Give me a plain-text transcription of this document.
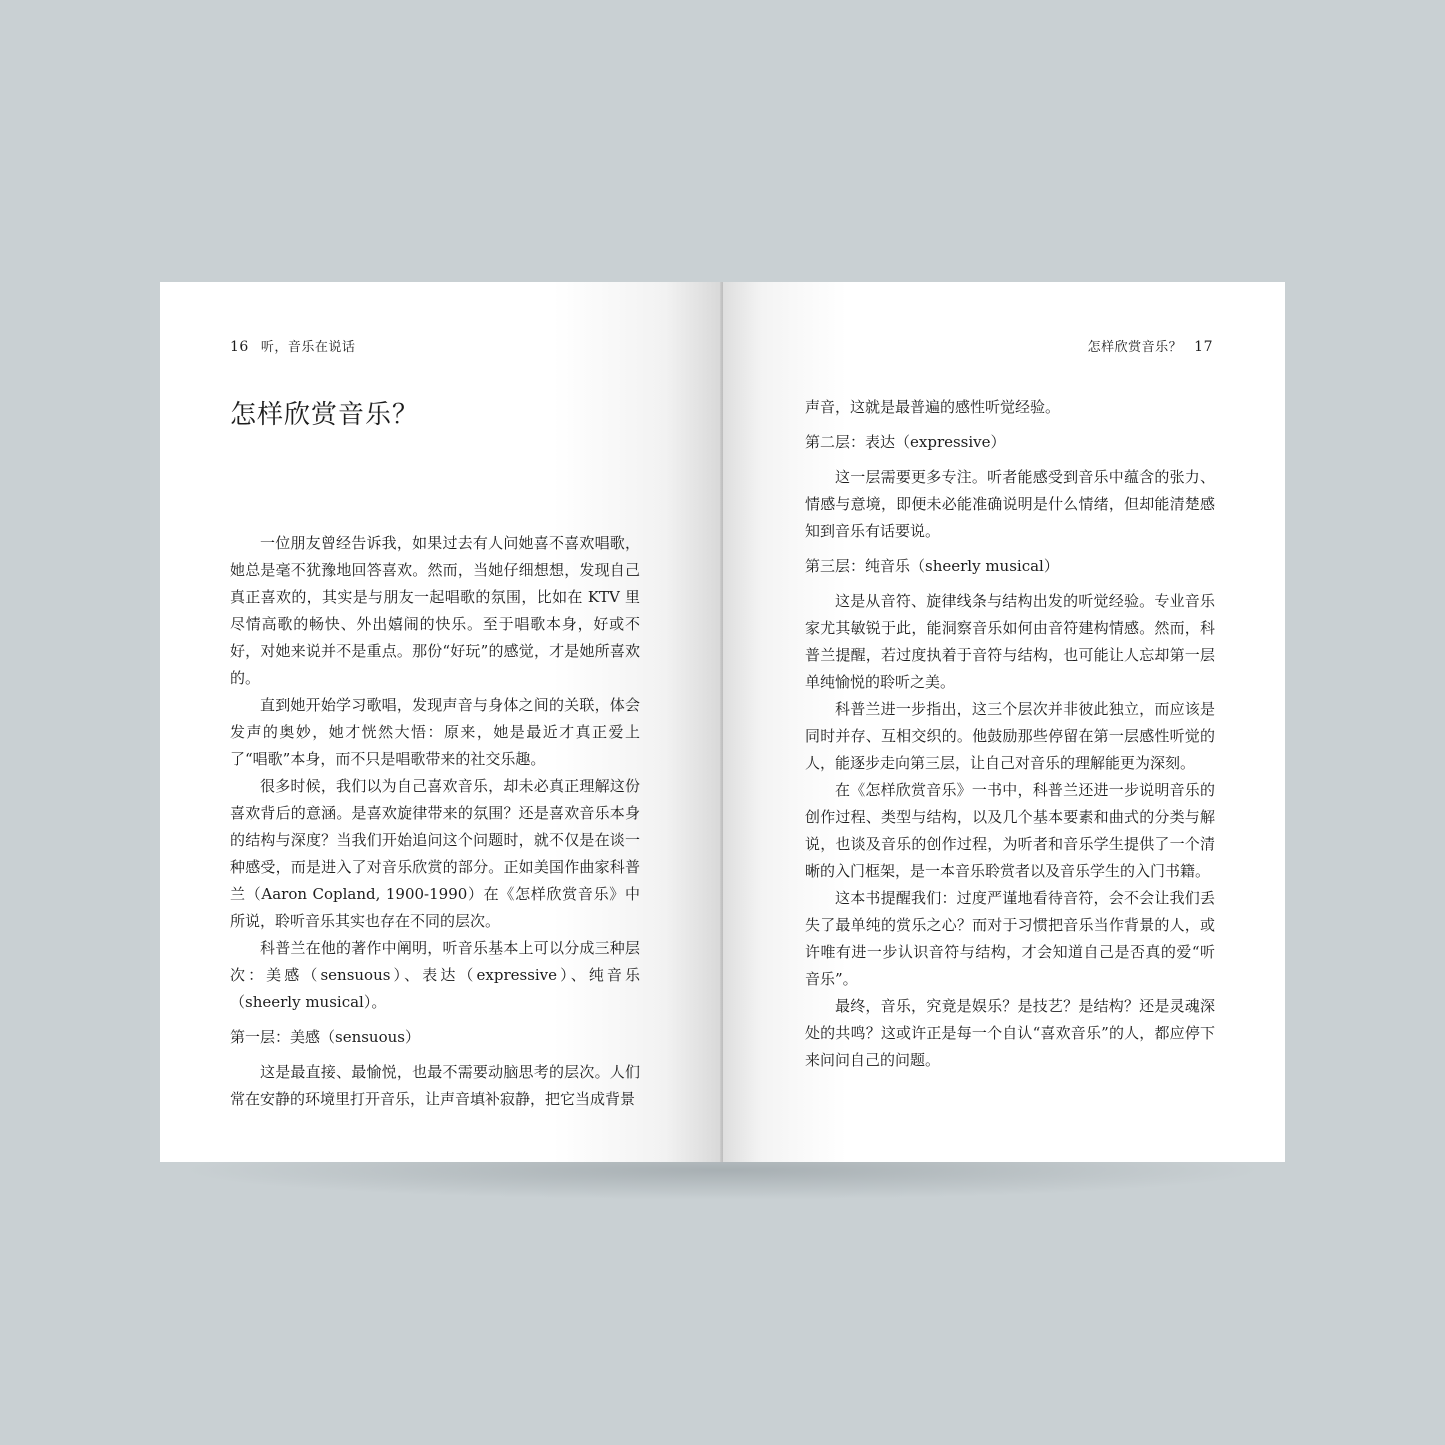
16 听，音乐在说话
怎样欣赏音乐？

一位朋友曾经告诉我，如果过去有人问她喜不喜欢唱歌，她总是毫不犹豫地回答喜欢。然而，当她仔细想想，发现自己真正喜欢的，其实是与朋友一起唱歌的氛围，比如在 KTV 里尽情高歌的畅快、外出嬉闹的快乐。至于唱歌本身，好或不好，对她来说并不是重点。那份“好玩”的感觉，才是她所喜欢的。

直到她开始学习歌唱，发现声音与身体之间的关联，体会发声的奥妙，她才恍然大悟：原来，她是最近才真正爱上了“唱歌”本身，而不只是唱歌带来的社交乐趣。

很多时候，我们以为自己喜欢音乐，却未必真正理解这份喜欢背后的意涵。是喜欢旋律带来的氛围？还是喜欢音乐本身的结构与深度？当我们开始追问这个问题时，就不仅是在谈一种感受，而是进入了对音乐欣赏的部分。正如美国作曲家科普兰（Aaron Copland, 1900-1990）在《怎样欣赏音乐》中所说，聆听音乐其实也存在不同的层次。

科普兰在他的著作中阐明，听音乐基本上可以分成三种层次：美感（sensuous）、表达（expressive）、纯音乐（sheerly musical）。

第一层：美感（sensuous）

这是最直接、最愉悦，也最不需要动脑思考的层次。人们常在安静的环境里打开音乐，让声音填补寂静，把它当成背景

怎样欣赏音乐？ 17

声音，这就是最普遍的感性听觉经验。

第二层：表达（expressive）

这一层需要更多专注。听者能感受到音乐中蕴含的张力、情感与意境，即便未必能准确说明是什么情绪，但却能清楚感知到音乐有话要说。

第三层：纯音乐（sheerly musical）

这是从音符、旋律线条与结构出发的听觉经验。专业音乐家尤其敏锐于此，能洞察音乐如何由音符建构情感。然而，科普兰提醒，若过度执着于音符与结构，也可能让人忘却第一层单纯愉悦的聆听之美。

科普兰进一步指出，这三个层次并非彼此独立，而应该是同时并存、互相交织的。他鼓励那些停留在第一层感性听觉的人，能逐步走向第三层，让自己对音乐的理解能更为深刻。

在《怎样欣赏音乐》一书中，科普兰还进一步说明音乐的创作过程、类型与结构，以及几个基本要素和曲式的分类与解说，也谈及音乐的创作过程，为听者和音乐学生提供了一个清晰的入门框架，是一本音乐聆赏者以及音乐学生的入门书籍。

这本书提醒我们：过度严谨地看待音符，会不会让我们丢失了最单纯的赏乐之心？而对于习惯把音乐当作背景的人，或许唯有进一步认识音符与结构，才会知道自己是否真的爱“听音乐”。

最终，音乐，究竟是娱乐？是技艺？是结构？还是灵魂深处的共鸣？这或许正是每一个自认“喜欢音乐”的人，都应停下来问问自己的问题。
